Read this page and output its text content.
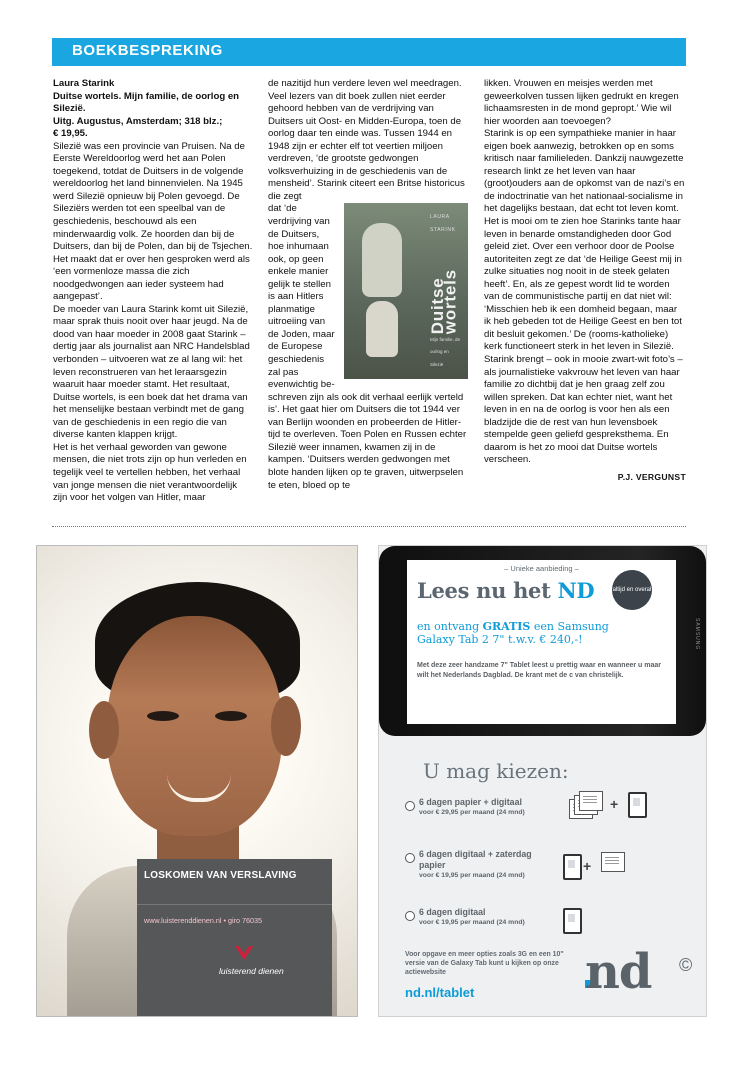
BOEKBESPREKING

Laura Starink

Duitse wortels. Mijn familie, de oorlog en Silezië.

Uitg. Augustus, Amsterdam; 318 blz.;

€ 19,95.

Silezië was een provincie van Pruisen. Na de Eerste Wereldoorlog werd het aan Polen toegekend, totdat de Duitsers in de volgende wereldoorlog het land binnenvielen. Na 1945 werd Silezië opnieuw bij Polen gevoegd. De Sileziërs werden tot een speelbal van de geschiedenis, beschouwd als een minderwaardig volk. Ze hoorden dan bij de Duitsers, dan bij de Polen, dan bij de Tsjechen. Het maakt dat er over hen gesproken werd als ‘een vormenloze massa die zich noodgedwongen aan ieder systeem had aangepast’.

De moeder van Laura Starink komt uit Silezië, maar sprak thuis nooit over haar jeugd. Na de dood van haar moeder in 2008 gaat Starink – dertig jaar als journalist aan NRC Handelsblad verbonden – uitvoeren wat ze al lang wil: het leven reconstrueren van het leraarsgezin waaruit haar moeder stamt. Het resultaat, Duitse wortels, is een boek dat het drama van het menselijke bestaan verbindt met de gang van de geschiedenis in een regio die van diverse kanten klappen krijgt.

Het is het verhaal geworden van gewone mensen, die niet trots zijn op hun verleden en tegelijk veel te vertellen hebben, het verhaal van jonge mensen die niet verantwoordelijk zijn voor het volgen van Hitler, maar

de nazitijd hun verdere leven wel meedragen.

Veel lezers van dit boek zullen niet eerder gehoord hebben van de verdrijving van Duitsers uit Oost- en Midden-Europa, toen de oorlog daar ten einde was. Tussen 1944 en 1948 zijn er echter elf tot veertien miljoen verdreven, ‘de grootste gedwongen volksverhuizing in de geschiedenis van de mensheid’. Starink citeert een Britse historicus die zegt

dat ‘de verdrijving van de Duitsers, hoe inhumaan ook, op geen enkele manier gelijk te stellen is aan Hitlers planmatige uitroeiing van de Joden, maar de Europese geschiedenis zal pas evenwichtig be-

LAURA STARINK
Duitse wortels
Mijn familie, de oorlog en Silezië

schreven zijn als ook dit verhaal eerlijk verteld is’. Het gaat hier om Duitsers die tot 1944 ver van Berlijn woonden en probeerden de Hitler-tijd te overleven. Toen Polen en Russen echter Silezië weer innamen, kwamen zij in de kampen. ‘Duitsers werden gedwongen met blote handen lijken op te graven, uitwerpselen te eten, bloed op te

likken. Vrouwen en meisjes werden met geweerkolven tussen lijken gedrukt en kregen lichaamsresten in de mond gepropt.’ Wie wil hier woorden aan toevoegen?

Starink is op een sympathieke manier in haar eigen boek aanwezig, betrokken op en soms kritisch naar familieleden. Dankzij nauwgezette research linkt ze het leven van haar (groot)ouders aan de opkomst van de nazi’s en de indoctrinatie van het nationaal-socialisme in het dagelijks bestaan, dat echt tot leven komt.

Het is mooi om te zien hoe Starinks tante haar leven in benarde omstandigheden door God geleid ziet. Over een verhoor door de Poolse autoriteiten zegt ze dat ‘de Heilige Geest mij in zulke situaties nog nooit in de steek gelaten heeft’. En, als ze gepest wordt lid te worden van de communistische partij en dat niet wil: ‘Misschien heb ik een domheid begaan, maar ik heb gebeden tot de Heilige Geest en ben tot dit besluit gekomen.’ De (rooms-katholieke) kerk functioneert sterk in het leven in Silezië.

Starink brengt – ook in mooie zwart-wit foto’s – als journalistieke vakvrouw het leven van haar familie zo dichtbij dat je hen graag zelf zou willen spreken. Dat kan echter niet, want het leven in en na de oorlog is voor hen als een bladzijde die de rest van hun levensboek stempelde geen geliefd gespreksthema. En daarom is het zo mooi dat Duitse wortels verscheen.

P.J. VERGUNST
LOSKOMEN VAN VERSLAVING
www.luisterenddienen.nl • giro 76035
luisterend dienen
– Unieke aanbieding –
Lees nu het ND	altijd en overal
en ontvang GRATIS een Samsung
Galaxy Tab 2 7" t.w.v. € 240,-!
Met deze zeer handzame 7" Tablet leest u prettig waar en wanneer u maar wilt het Nederlands Dagblad. De krant met de c van christelijk.
SAMSUNG
U mag kiezen:
6 dagen papier + digitaal
voor € 29,95 per maand (24 mnd)
+
6 dagen digitaal + zaterdag papier
voor € 19,95 per maand (24 mnd)
+
6 dagen digitaal
voor € 19,95 per maand (24 mnd)
Voor opgave en meer opties zoals 3G en een 10" versie van de Galaxy Tab kunt u kijken op onze actiewebsite
nd.nl/tablet nd ©
